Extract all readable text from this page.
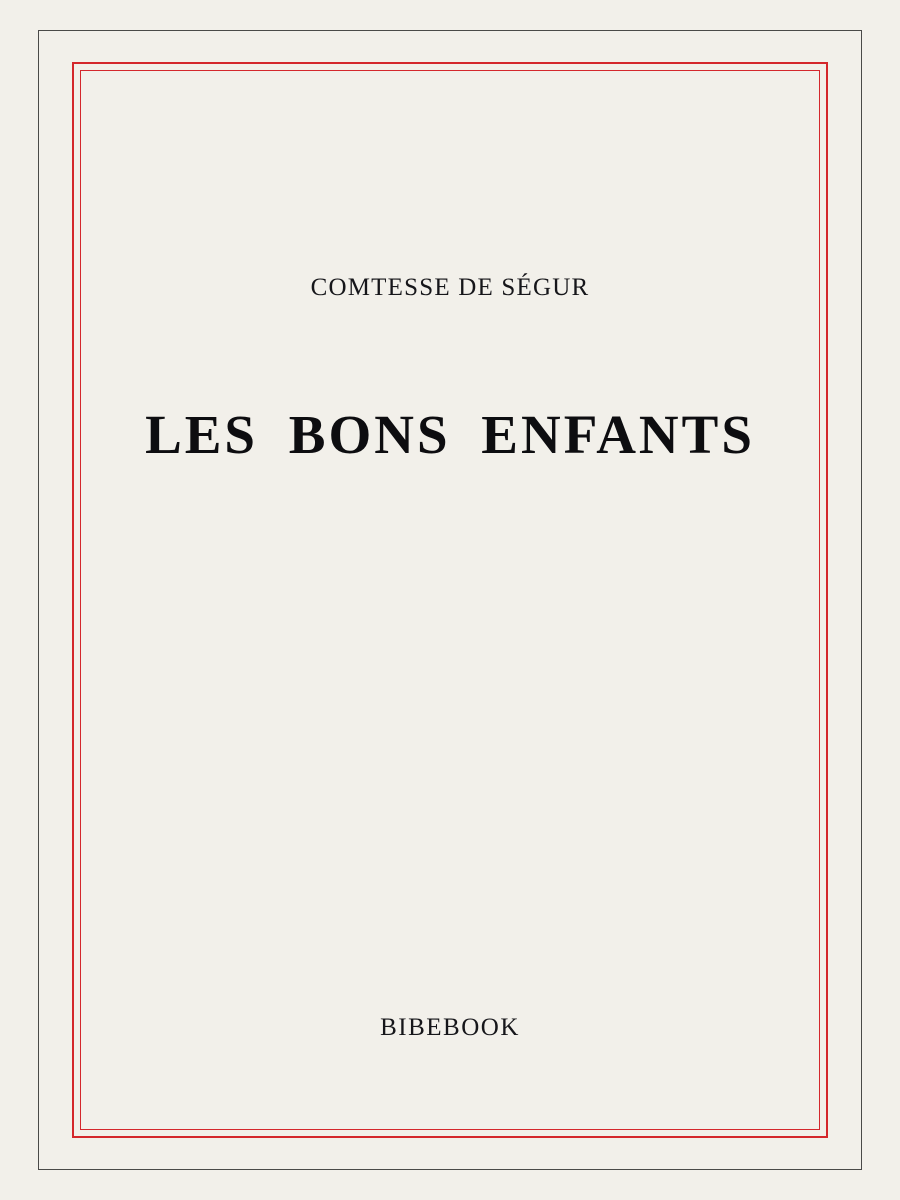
COMTESSE DE SÉGUR
LES BONS ENFANTS
BIBEBOOK
